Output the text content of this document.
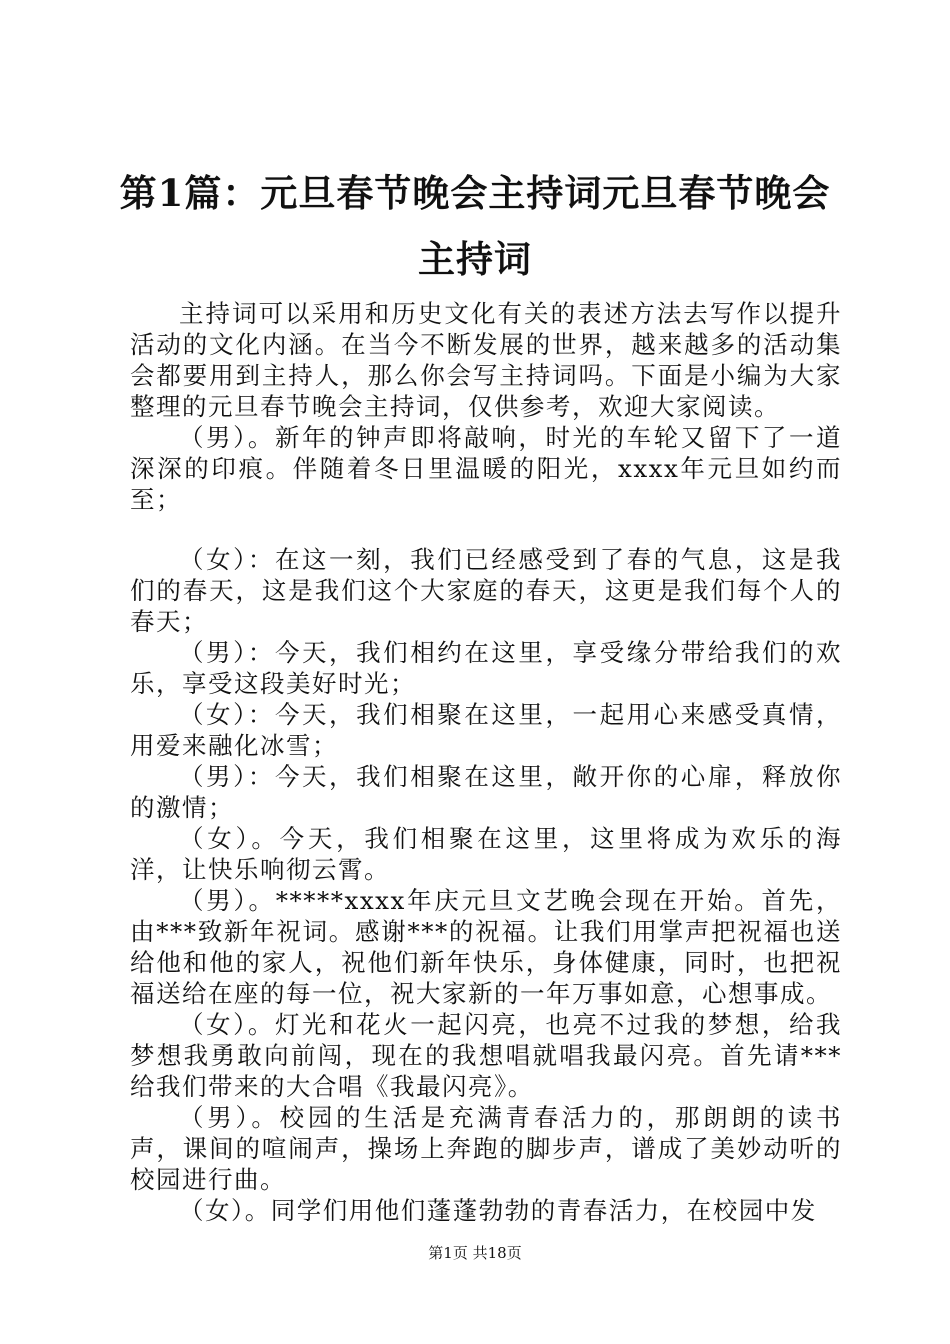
第1篇：元旦春节晚会主持词元旦春节晚会主持词

主持词可以采用和历史文化有关的表述方法去写作以提升活动的文化内涵。在当今不断发展的世界，越来越多的活动集会都要用到主持人，那么你会写主持词吗。下面是小编为大家整理的元旦春节晚会主持词，仅供参考，欢迎大家阅读。

（男）。新年的钟声即将敲响，时光的车轮又留下了一道深深的印痕。伴随着冬日里温暖的阳光，xxxx年元旦如约而至；

（女）：在这一刻，我们已经感受到了春的气息，这是我们的春天，这是我们这个大家庭的春天，这更是我们每个人的春天；

（男）：今天，我们相约在这里，享受缘分带给我们的欢乐，享受这段美好时光；

（女）：今天，我们相聚在这里，一起用心来感受真情，用爱来融化冰雪；

（男）：今天，我们相聚在这里，敞开你的心扉，释放你的激情；

（女）。今天，我们相聚在这里，这里将成为欢乐的海洋，让快乐响彻云霄。

（男）。*****xxxx年庆元旦文艺晚会现在开始。首先，由***致新年祝词。感谢***的祝福。让我们用掌声把祝福也送给他和他的家人，祝他们新年快乐，身体健康，同时，也把祝福送给在座的每一位，祝大家新的一年万事如意，心想事成。

（女）。灯光和花火一起闪亮，也亮不过我的梦想，给我梦想我勇敢向前闯，现在的我想唱就唱我最闪亮。首先请***给我们带来的大合唱《我最闪亮》。

（男）。校园的生活是充满青春活力的，那朗朗的读书声，课间的喧闹声，操场上奔跑的脚步声，谱成了美妙动听的校园进行曲。

（女）。同学们用他们蓬蓬勃勃的青春活力，在校园中发

第1页 共18页
